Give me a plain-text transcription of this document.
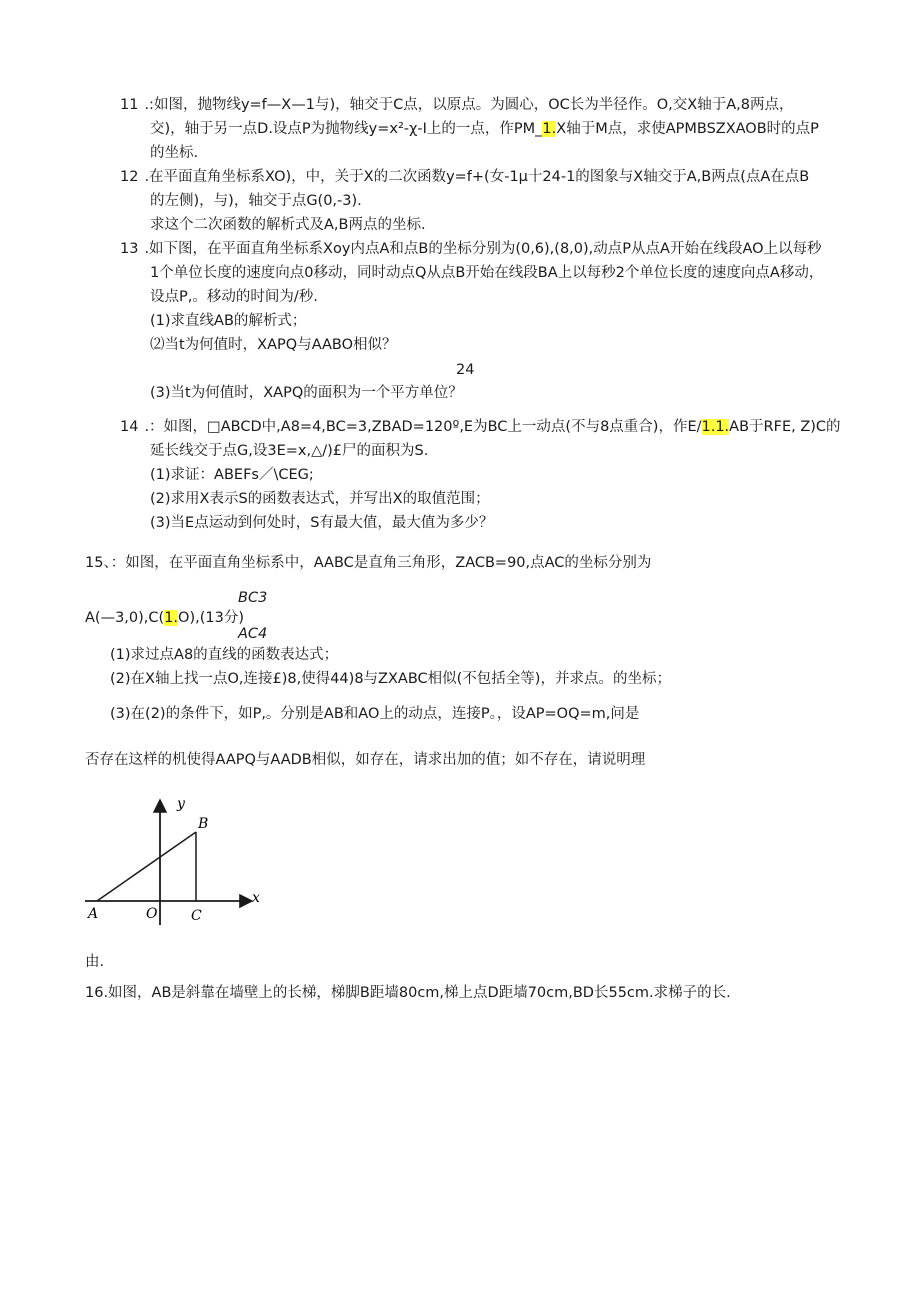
11 .:如图，抛物线y=f—X—1与)，轴交于C点，以原点。为圆心，OC长为半径作。O,交X轴于A,8两点，
交)，轴于另一点D.设点P为抛物线y=x²-χ-I上的一点，作PM_1.X轴于M点，求使APMBSZXAOB时的点P
的坐标.
12 .在平面直角坐标系XO)，中，关于X的二次函数y=f+(女-1µ十24-1的图象与X轴交于A,B两点(点A在点B
的左侧)，与)，轴交于点G(0,-3).
求这个二次函数的解析式及A,B两点的坐标.
13 .如下图，在平面直角坐标系Xoy内点A和点B的坐标分别为(0,6),(8,0),动点P从点A开始在线段AO上以每秒
1个单位长度的速度向点0移动，同时动点Q从点B开始在线段BA上以每秒2个单位长度的速度向点A移动，
设点P,。移动的时间为/秒.
(1)求直线AB的解析式；
⑵当t为何值时，XAPQ与AABO相似？
24
(3)当t为何值时，XAPQ的面积为一个平方单位？
14 .：如图，□ABCD中,A8=4,BC=3,ZBAD=120º,E为BC上一动点(不与8点重合)，作E/1.1.AB于RFE, Z)C的
延长线交于点G,设3E=x,△/)£尸的面积为S.
(1)求证：ABEFs／\CEG;
(2)求用X表示S的函数表达式，并写出X的取值范围；
(3)当E点运动到何处时，S有最大值，最大值为多少？
15、：如图，在平面直角坐标系中，AABC是直角三角形，ZACB=90,点AC的坐标分别为
BC3
A(—3,0),C(1.O),(13分)
AC4
(1)求过点A8的直线的函数表达式；
(2)在X轴上找一点O,连接£)8,使得44)8与ZXABC相似(不包括全等)，并求点。的坐标；
(3)在(2)的条件下，如P,。分别是AB和AO上的动点，连接P。，设AP=OQ=m,问是
否存在这样的机使得AAPQ与AADB相似，如存在，请求出加的值；如不存在，请说明理
y
x
A
B
O C
由.
16.如图，AB是斜靠在墙壁上的长梯，梯脚B距墙80cm,梯上点D距墙70cm,BD长55cm.求梯子的长.
